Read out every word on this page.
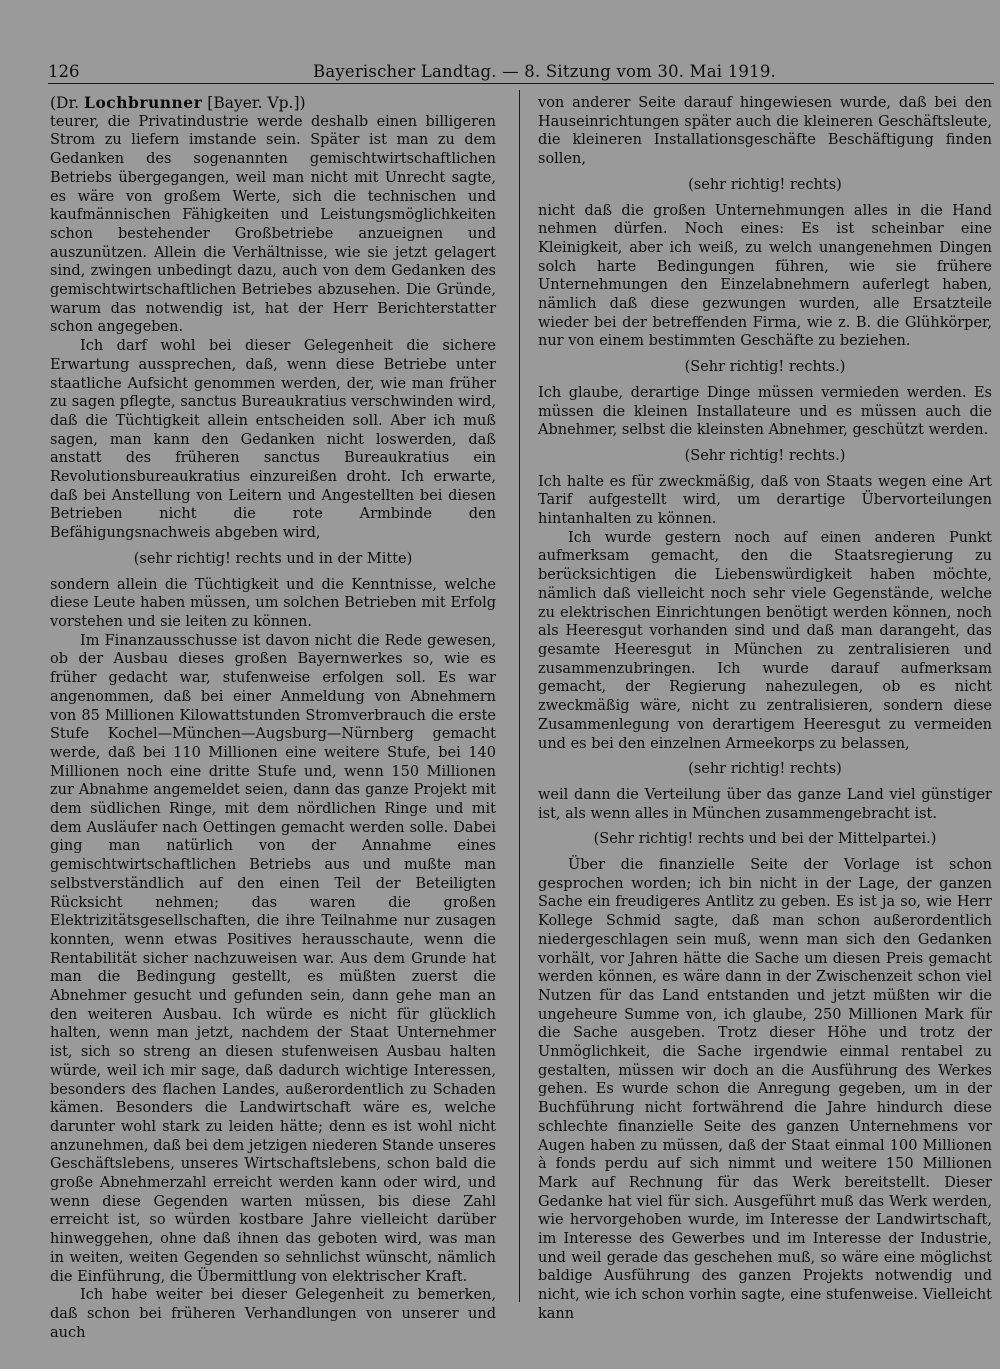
126	Bayerischer Landtag. — 8. Sitzung vom 30. Mai 1919.

(Dr. Lochbrunner [Bayer. Vp.])

teurer, die Privatindustrie werde deshalb einen billigeren Strom zu liefern imstande sein. Später ist man zu dem Gedanken des sogenannten gemischtwirtschaftlichen Betriebs übergegangen, weil man nicht mit Unrecht sagte, es wäre von großem Werte, sich die technischen und kaufmännischen Fähigkeiten und Leistungsmöglichkeiten schon bestehender Großbetriebe anzueignen und auszunützen. Allein die Verhältnisse, wie sie jetzt gelagert sind, zwingen unbedingt dazu, auch von dem Gedanken des gemischtwirtschaftlichen Betriebes abzusehen. Die Gründe, warum das notwendig ist, hat der Herr Berichterstatter schon angegeben.

Ich darf wohl bei dieser Gelegenheit die sichere Erwartung aussprechen, daß, wenn diese Betriebe unter staatliche Aufsicht genommen werden, der, wie man früher zu sagen pflegte, sanctus Bureaukratius verschwinden wird, daß die Tüchtigkeit allein entscheiden soll. Aber ich muß sagen, man kann den Gedanken nicht loswerden, daß anstatt des früheren sanctus Bureaukratius ein Revolutionsbureaukratius einzureißen droht. Ich erwarte, daß bei Anstellung von Leitern und Angestellten bei diesen Betrieben nicht die rote Armbinde den Befähigungsnachweis abgeben wird,

(sehr richtig! rechts und in der Mitte)

sondern allein die Tüchtigkeit und die Kenntnisse, welche diese Leute haben müssen, um solchen Betrieben mit Erfolg vorstehen und sie leiten zu können.

Im Finanzausschusse ist davon nicht die Rede gewesen, ob der Ausbau dieses großen Bayernwerkes so, wie es früher gedacht war, stufenweise erfolgen soll. Es war angenommen, daß bei einer Anmeldung von Abnehmern von 85 Millionen Kilowattstunden Stromverbrauch die erste Stufe Kochel—München—Augsburg—Nürnberg gemacht werde, daß bei 110 Millionen eine weitere Stufe, bei 140 Millionen noch eine dritte Stufe und, wenn 150 Millionen zur Abnahme angemeldet seien, dann das ganze Projekt mit dem südlichen Ringe, mit dem nördlichen Ringe und mit dem Ausläufer nach Oettingen gemacht werden solle. Dabei ging man natürlich von der Annahme eines gemischtwirtschaftlichen Betriebs aus und mußte man selbstverständlich auf den einen Teil der Beteiligten Rücksicht nehmen; das waren die großen Elektrizitätsgesellschaften, die ihre Teilnahme nur zusagen konnten, wenn etwas Positives herausschaute, wenn die Rentabilität sicher nachzuweisen war. Aus dem Grunde hat man die Bedingung gestellt, es müßten zuerst die Abnehmer gesucht und gefunden sein, dann gehe man an den weiteren Ausbau. Ich würde es nicht für glücklich halten, wenn man jetzt, nachdem der Staat Unternehmer ist, sich so streng an diesen stufenweisen Ausbau halten würde, weil ich mir sage, daß dadurch wichtige Interessen, besonders des flachen Landes, außerordentlich zu Schaden kämen. Besonders die Landwirtschaft wäre es, welche darunter wohl stark zu leiden hätte; denn es ist wohl nicht anzunehmen, daß bei dem jetzigen niederen Stande unseres Geschäftslebens, unseres Wirtschaftslebens, schon bald die große Abnehmerzahl erreicht werden kann oder wird, und wenn diese Gegenden warten müssen, bis diese Zahl erreicht ist, so würden kostbare Jahre vielleicht darüber hinweggehen, ohne daß ihnen das geboten wird, was man in weiten, weiten Gegenden so sehnlichst wünscht, nämlich die Einführung, die Übermittlung von elektrischer Kraft.

Ich habe weiter bei dieser Gelegenheit zu bemerken, daß schon bei früheren Verhandlungen von unserer und auch

von anderer Seite darauf hingewiesen wurde, daß bei den Hauseinrichtungen später auch die kleineren Geschäftsleute, die kleineren Installationsgeschäfte Beschäftigung finden sollen,

(sehr richtig! rechts)

nicht daß die großen Unternehmungen alles in die Hand nehmen dürfen. Noch eines: Es ist scheinbar eine Kleinigkeit, aber ich weiß, zu welch unangenehmen Dingen solch harte Bedingungen führen, wie sie frühere Unternehmungen den Einzelabnehmern auferlegt haben, nämlich daß diese gezwungen wurden, alle Ersatzteile wieder bei der betreffenden Firma, wie z. B. die Glühkörper, nur von einem bestimmten Geschäfte zu beziehen.

(Sehr richtig! rechts.)

Ich glaube, derartige Dinge müssen vermieden werden. Es müssen die kleinen Installateure und es müssen auch die Abnehmer, selbst die kleinsten Abnehmer, geschützt werden.

(Sehr richtig! rechts.)

Ich halte es für zweckmäßig, daß von Staats wegen eine Art Tarif aufgestellt wird, um derartige Übervorteilungen hintanhalten zu können.

Ich wurde gestern noch auf einen anderen Punkt aufmerksam gemacht, den die Staatsregierung zu berücksichtigen die Liebenswürdigkeit haben möchte, nämlich daß vielleicht noch sehr viele Gegenstände, welche zu elektrischen Einrichtungen benötigt werden können, noch als Heeresgut vorhanden sind und daß man darangeht, das gesamte Heeresgut in München zu zentralisieren und zusammenzubringen. Ich wurde darauf aufmerksam gemacht, der Regierung nahezulegen, ob es nicht zweckmäßig wäre, nicht zu zentralisieren, sondern diese Zusammenlegung von derartigem Heeresgut zu vermeiden und es bei den einzelnen Armeekorps zu belassen,

(sehr richtig! rechts)

weil dann die Verteilung über das ganze Land viel günstiger ist, als wenn alles in München zusammengebracht ist.

(Sehr richtig! rechts und bei der Mittelpartei.)

Über die finanzielle Seite der Vorlage ist schon gesprochen worden; ich bin nicht in der Lage, der ganzen Sache ein freudigeres Antlitz zu geben. Es ist ja so, wie Herr Kollege Schmid sagte, daß man schon außerordentlich niedergeschlagen sein muß, wenn man sich den Gedanken vorhält, vor Jahren hätte die Sache um diesen Preis gemacht werden können, es wäre dann in der Zwischenzeit schon viel Nutzen für das Land entstanden und jetzt müßten wir die ungeheure Summe von, ich glaube, 250 Millionen Mark für die Sache ausgeben. Trotz dieser Höhe und trotz der Unmöglichkeit, die Sache irgendwie einmal rentabel zu gestalten, müssen wir doch an die Ausführung des Werkes gehen. Es wurde schon die Anregung gegeben, um in der Buchführung nicht fortwährend die Jahre hindurch diese schlechte finanzielle Seite des ganzen Unternehmens vor Augen haben zu müssen, daß der Staat einmal 100 Millionen à fonds perdu auf sich nimmt und weitere 150 Millionen Mark auf Rechnung für das Werk bereitstellt. Dieser Gedanke hat viel für sich. Ausgeführt muß das Werk werden, wie hervorgehoben wurde, im Interesse der Landwirtschaft, im Interesse des Gewerbes und im Interesse der Industrie, und weil gerade das geschehen muß, so wäre eine möglichst baldige Ausführung des ganzen Projekts notwendig und nicht, wie ich schon vorhin sagte, eine stufenweise. Vielleicht kann
